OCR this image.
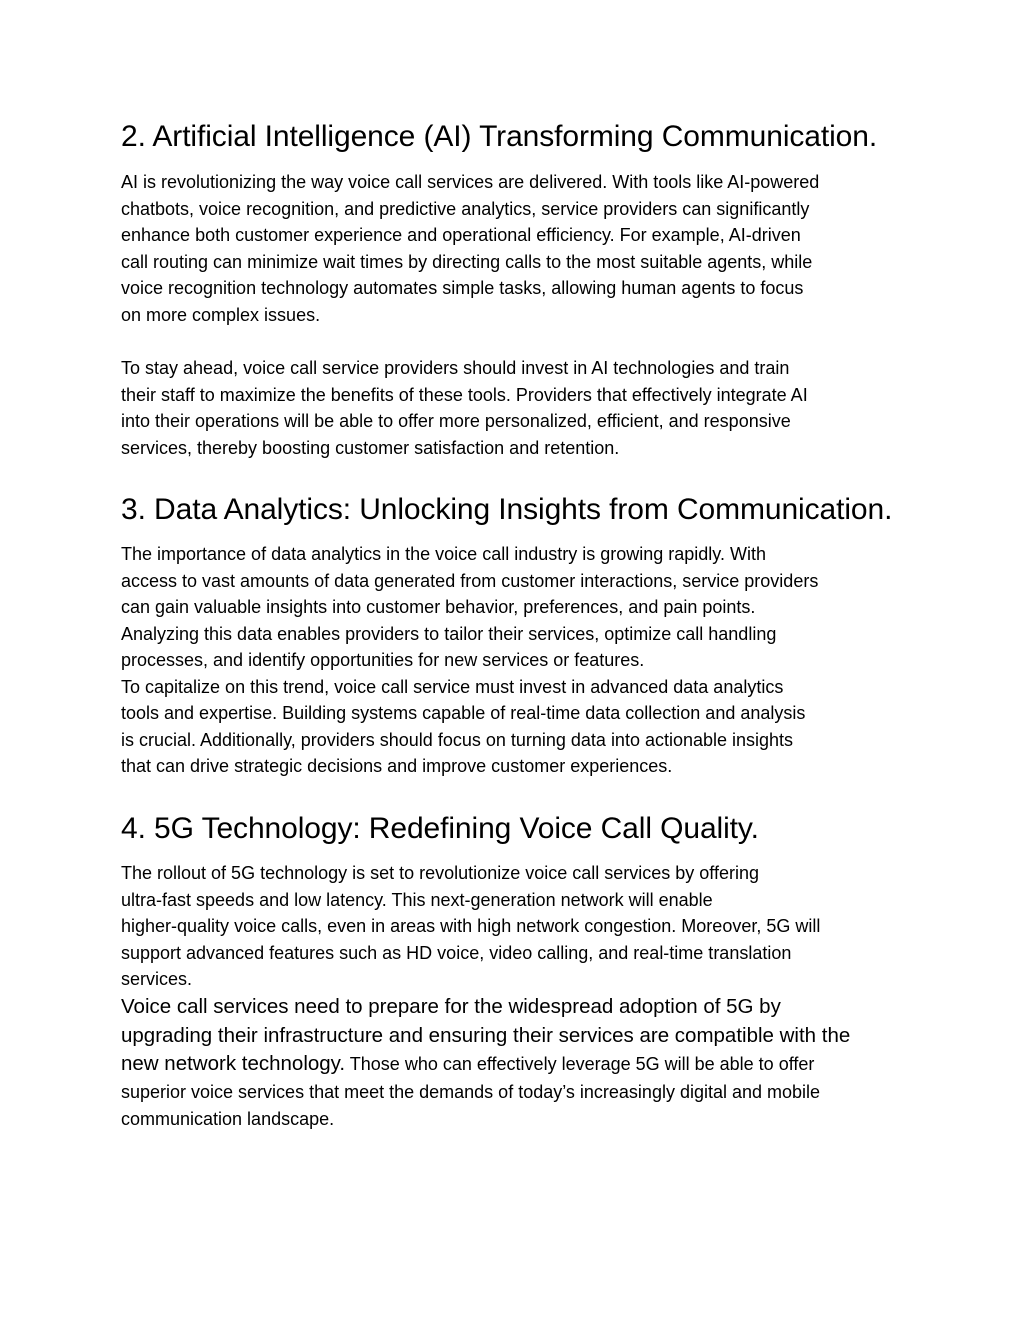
2. Artificial Intelligence (AI) Transforming Communication.
AI is revolutionizing the way voice call services are delivered. With tools like AI-powered
chatbots, voice recognition, and predictive analytics, service providers can significantly
enhance both customer experience and operational efficiency. For example, AI-driven
call routing can minimize wait times by directing calls to the most suitable agents, while
voice recognition technology automates simple tasks, allowing human agents to focus
on more complex issues.
To stay ahead, voice call service providers should invest in AI technologies and train
their staff to maximize the benefits of these tools. Providers that effectively integrate AI
into their operations will be able to offer more personalized, efficient, and responsive
services, thereby boosting customer satisfaction and retention.
3. Data Analytics: Unlocking Insights from Communication.
The importance of data analytics in the voice call industry is growing rapidly. With
access to vast amounts of data generated from customer interactions, service providers
can gain valuable insights into customer behavior, preferences, and pain points.
Analyzing this data enables providers to tailor their services, optimize call handling
processes, and identify opportunities for new services or features.
To capitalize on this trend, voice call service must invest in advanced data analytics
tools and expertise. Building systems capable of real-time data collection and analysis
is crucial. Additionally, providers should focus on turning data into actionable insights
that can drive strategic decisions and improve customer experiences.
4. 5G Technology: Redefining Voice Call Quality.
The rollout of 5G technology is set to revolutionize voice call services by offering
ultra-fast speeds and low latency. This next-generation network will enable
higher-quality voice calls, even in areas with high network congestion. Moreover, 5G will
support advanced features such as HD voice, video calling, and real-time translation
services.
Voice call services need to prepare for the widespread adoption of 5G by
upgrading their infrastructure and ensuring their services are compatible with the
new network technology. Those who can effectively leverage 5G will be able to offer
superior voice services that meet the demands of today’s increasingly digital and mobile
communication landscape.
